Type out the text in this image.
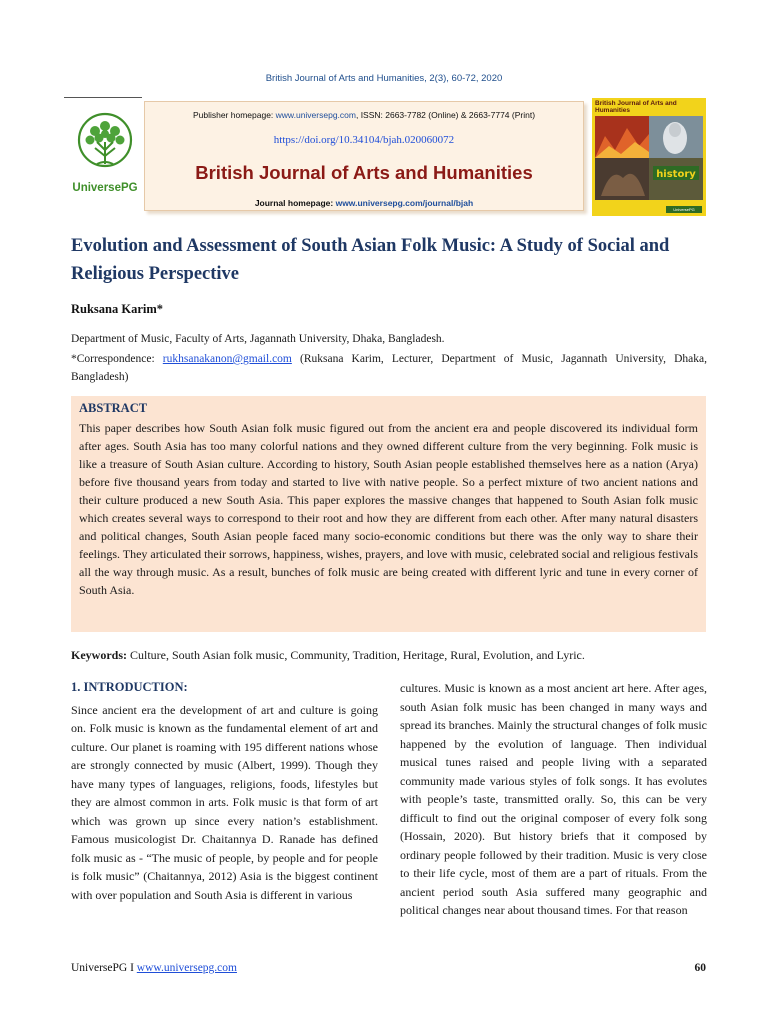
British Journal of Arts and Humanities, 2(3), 60-72, 2020
UniversePG
Publisher homepage: www.universepg.com, ISSN: 2663-7782 (Online) & 2663-7774 (Print)
https://doi.org/10.34104/bjah.020060072
British Journal of Arts and Humanities
Journal homepage: www.universepg.com/journal/bjah
British Journal of Arts and Humanities
history
UniversePG
Evolution and Assessment of South Asian Folk Music: A Study of Social and Religious Perspective
Ruksana Karim*
Department of Music, Faculty of Arts, Jagannath University, Dhaka, Bangladesh.
*Correspondence: rukhsanakanon@gmail.com (Ruksana Karim, Lecturer, Department of Music, Jagannath University, Dhaka, Bangladesh)
ABSTRACT
This paper describes how South Asian folk music figured out from the ancient era and people discovered its individual form after ages. South Asia has too many colorful nations and they owned different culture from the very beginning. Folk music is like a treasure of South Asian culture. According to history, South Asian people established themselves here as a nation (Arya) before five thousand years from today and started to live with native people. So a perfect mixture of two ancient nations and their culture produced a new South Asia. This paper explores the massive changes that happened to South Asian folk music which creates several ways to correspond to their root and how they are different from each other. After many natural disasters and political changes, South Asian people faced many socio-economic conditions but there was the only way to share their feelings. They articulated their sorrows, happiness, wishes, prayers, and love with music, celebrated social and religious festivals all the way through music. As a result, bunches of folk music are being created with different lyric and tune in every corner of South Asia.
Keywords: Culture, South Asian folk music, Community, Tradition, Heritage, Rural, Evolution, and Lyric.
1. INTRODUCTION:
Since ancient era the development of art and culture is going on. Folk music is known as the fundamental element of art and culture. Our planet is roaming with 195 different nations whose are strongly connected by music (Albert, 1999). Though they have many types of languages, religions, foods, lifestyles but they are almost common in arts. Folk music is that form of art which was grown up since every nation’s establishment. Famous musicologist Dr. Chaitannya D. Ranade has defined folk music as - “The music of people, by people and for people is folk music” (Chaitannya, 2012) Asia is the biggest continent with over population and South Asia is different in various
cultures. Music is known as a most ancient art here. After ages, south Asian folk music has been changed in many ways and spread its branches. Mainly the structural changes of folk music happened by the evolution of language. Then individual musical tunes raised and people living with a separated community made various styles of folk songs. It has evolutes with people’s taste, transmitted orally. So, this can be very difficult to find out the original composer of every folk song (Hossain, 2020). But history briefs that it composed by ordinary people followed by their tradition. Music is very close to their life cycle, most of them are a part of rituals. From the ancient period south Asia suffered many geographic and political changes near about thousand times. For that reason
UniversePG I www.universepg.com	60
